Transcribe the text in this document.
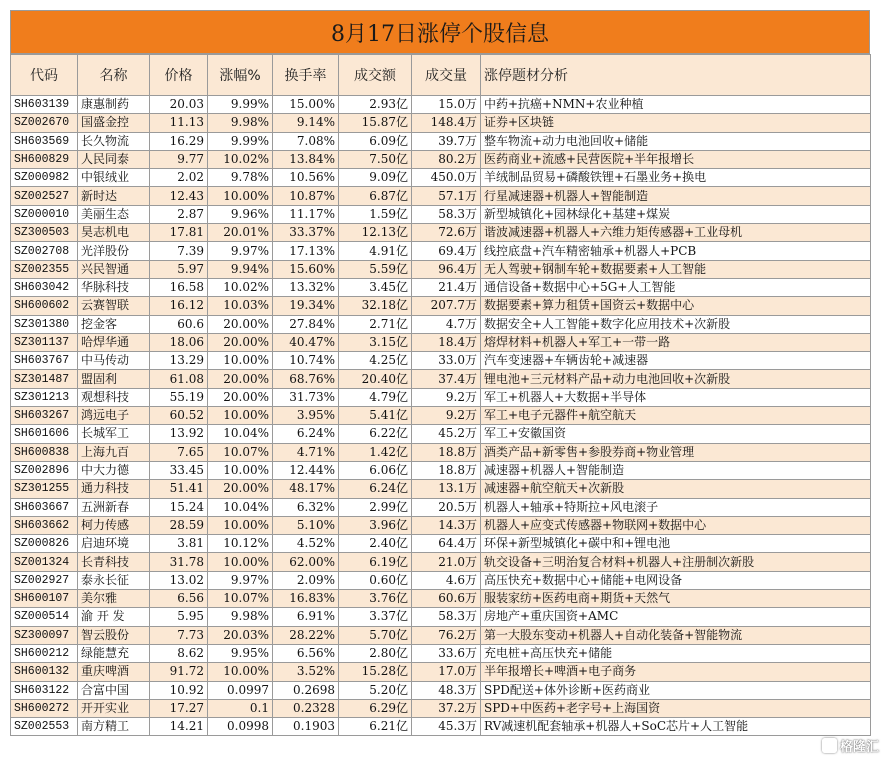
8月17日涨停个股信息
代码	名称	价格	涨幅%	换手率	成交额	成交量	涨停题材分析
SH603139	康惠制药	20.03	9.99%	15.00%	2.93亿	15.0万	中药+抗癌+NMN+农业种植
SZ002670	国盛金控	11.13	9.98%	9.14%	15.87亿	148.4万	证券+区块链
SH603569	长久物流	16.29	9.99%	7.08%	6.09亿	39.7万	整车物流+动力电池回收+储能
SH600829	人民同泰	9.77	10.02%	13.84%	7.50亿	80.2万	医药商业+流感+民营医院+半年报增长
SZ000982	中银绒业	2.02	9.78%	10.56%	9.09亿	450.0万	羊绒制品贸易+磷酸铁锂+石墨业务+换电
SZ002527	新时达	12.43	10.00%	10.87%	6.87亿	57.1万	行星减速器+机器人+智能制造
SZ000010	美丽生态	2.87	9.96%	11.17%	1.59亿	58.3万	新型城镇化+园林绿化+基建+煤炭
SZ300503	昊志机电	17.81	20.01%	33.37%	12.13亿	72.6万	谐波减速器+机器人+六维力矩传感器+工业母机
SZ002708	光洋股份	7.39	9.97%	17.13%	4.91亿	69.4万	线控底盘+汽车精密轴承+机器人+PCB
SZ002355	兴民智通	5.97	9.94%	15.60%	5.59亿	96.4万	无人驾驶+钢制车轮+数据要素+人工智能
SH603042	华脉科技	16.58	10.02%	13.32%	3.45亿	21.4万	通信设备+数据中心+5G+人工智能
SH600602	云赛智联	16.12	10.03%	19.34%	32.18亿	207.7万	数据要素+算力租赁+国资云+数据中心
SZ301380	挖金客	60.6	20.00%	27.84%	2.71亿	4.7万	数据安全+人工智能+数字化应用技术+次新股
SZ301137	哈焊华通	18.06	20.00%	40.47%	3.15亿	18.4万	熔焊材料+机器人+军工+一带一路
SH603767	中马传动	13.29	10.00%	10.74%	4.25亿	33.0万	汽车变速器+车辆齿轮+减速器
SZ301487	盟固利	61.08	20.00%	68.76%	20.40亿	37.4万	锂电池+三元材料产品+动力电池回收+次新股
SZ301213	观想科技	55.19	20.00%	31.73%	4.79亿	9.2万	军工+机器人+大数据+半导体
SH603267	鸿远电子	60.52	10.00%	3.95%	5.41亿	9.2万	军工+电子元器件+航空航天
SH601606	长城军工	13.92	10.04%	6.24%	6.22亿	45.2万	军工+安徽国资
SH600838	上海九百	7.65	10.07%	4.71%	1.42亿	18.8万	酒类产品+新零售+参股券商+物业管理
SZ002896	中大力德	33.45	10.00%	12.44%	6.06亿	18.8万	减速器+机器人+智能制造
SZ301255	通力科技	51.41	20.00%	48.17%	6.24亿	13.1万	减速器+航空航天+次新股
SH603667	五洲新春	15.24	10.04%	6.32%	2.99亿	20.5万	机器人+轴承+特斯拉+风电滚子
SH603662	柯力传感	28.59	10.00%	5.10%	3.96亿	14.3万	机器人+应变式传感器+物联网+数据中心
SZ000826	启迪环境	3.81	10.12%	4.52%	2.40亿	64.4万	环保+新型城镇化+碳中和+锂电池
SZ001324	长青科技	31.78	10.00%	62.00%	6.19亿	21.0万	轨交设备+三明治复合材料+机器人+注册制次新股
SZ002927	泰永长征	13.02	9.97%	2.09%	0.60亿	4.6万	高压快充+数据中心+储能+电网设备
SH600107	美尔雅	6.56	10.07%	16.83%	3.76亿	60.6万	服装家纺+医药电商+期货+天然气
SZ000514	渝 开 发	5.95	9.98%	6.91%	3.37亿	58.3万	房地产+重庆国资+AMC
SZ300097	智云股份	7.73	20.03%	28.22%	5.70亿	76.2万	第一大股东变动+机器人+自动化装备+智能物流
SH600212	绿能慧充	8.62	9.95%	6.56%	2.80亿	33.6万	充电桩+高压快充+储能
SH600132	重庆啤酒	91.72	10.00%	3.52%	15.28亿	17.0万	半年报增长+啤酒+电子商务
SH603122	合富中国	10.92	0.0997	0.2698	5.20亿	48.3万	SPD配送+体外诊断+医药商业
SH600272	开开实业	17.27	0.1	0.2328	6.29亿	37.2万	SPD+中医药+老字号+上海国资
SZ002553	南方精工	14.21	0.0998	0.1903	6.21亿	45.3万	RV减速机配套轴承+机器人+SoC芯片+人工智能
格隆汇
